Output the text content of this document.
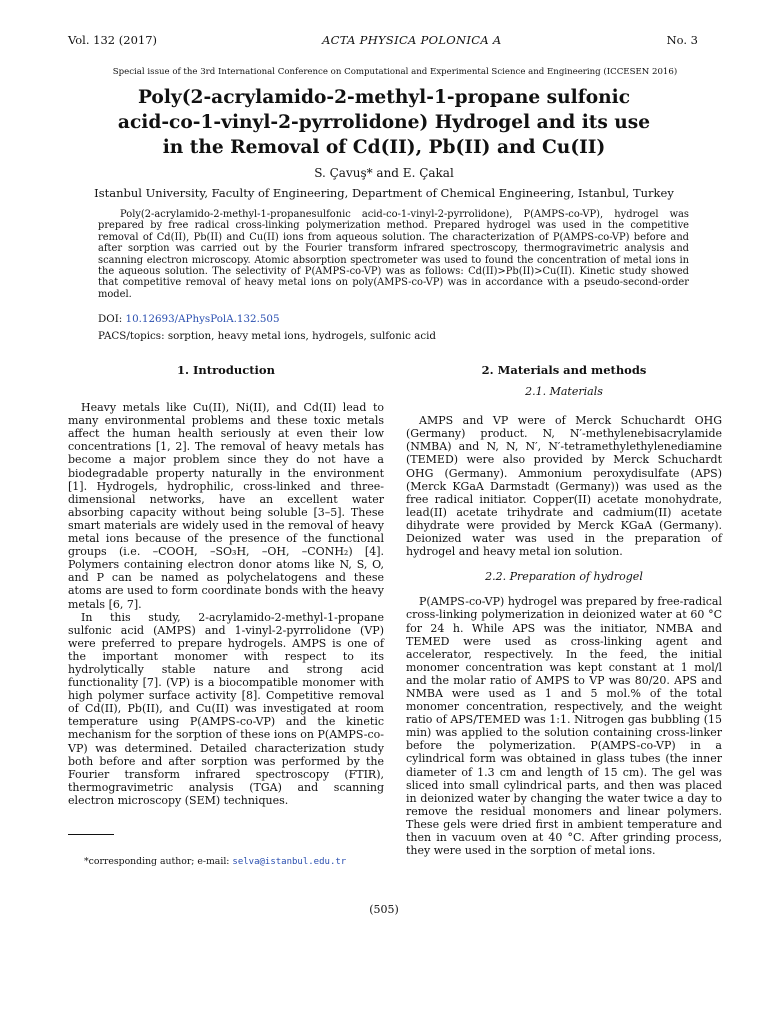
Vol. 132 (2017)	ACTA PHYSICA POLONICA A	No. 3
Special issue of the 3rd International Conference on Computational and Experimental Science and Engineering (ICCESEN 2016)
Poly(2-acrylamido-2-methyl-1-propane sulfonic
acid-co-1-vinyl-2-pyrrolidone) Hydrogel and its use
in the Removal of Cd(II), Pb(II) and Cu(II)
S. Çavuş* and E. Çakal
Istanbul University, Faculty of Engineering, Department of Chemical Engineering, Istanbul, Turkey
Poly(2-acrylamido-2-methyl-1-propanesulfonic acid-co-1-vinyl-2-pyrrolidone), P(AMPS-co-VP), hydrogel was prepared by free radical cross-linking polymerization method. Prepared hydrogel was used in the competitive removal of Cd(II), Pb(II) and Cu(II) ions from aqueous solution. The characterization of P(AMPS-co-VP) before and after sorption was carried out by the Fourier transform infrared spectroscopy, thermogravimetric analysis and scanning electron microscopy. Atomic absorption spectrometer was used to found the concentration of metal ions in the aqueous solution. The selectivity of P(AMPS-co-VP) was as follows: Cd(II)>Pb(II)>Cu(II). Kinetic study showed that competitive removal of heavy metal ions on poly(AMPS-co-VP) was in accordance with a pseudo-second-order model.
DOI: 10.12693/APhysPolA.132.505
PACS/topics: sorption, heavy metal ions, hydrogels, sulfonic acid
1. Introduction

Heavy metals like Cu(II), Ni(II), and Cd(II) lead to many environmental problems and these toxic metals affect the human health seriously at even their low concentrations [1, 2]. The removal of heavy metals has become a major problem since they do not have a biodegradable property naturally in the environment [1]. Hydrogels, hydrophilic, cross-linked and three-dimensional networks, have an excellent water absorbing capacity without being soluble [3–5]. These smart materials are widely used in the removal of heavy metal ions because of the presence of the functional groups (i.e. –COOH, –SO₃H, –OH, –CONH₂) [4]. Polymers containing electron donor atoms like N, S, O, and P can be named as polychelatogens and these atoms are used to form coordinate bonds with the heavy metals [6, 7].

In this study, 2-acrylamido-2-methyl-1-propane sulfonic acid (AMPS) and 1-vinyl-2-pyrrolidone (VP) were preferred to prepare hydrogels. AMPS is one of the important monomer with respect to its hydrolytically stable nature and strong acid functionality [7]. (VP) is a biocompatible monomer with high polymer surface activity [8]. Competitive removal of Cd(II), Pb(II), and Cu(II) was investigated at room temperature using P(AMPS-co-VP) and the kinetic mechanism for the sorption of these ions on P(AMPS-co-VP) was determined. Detailed characterization study both before and after sorption was performed by the Fourier transform infrared spectroscopy (FTIR), thermogravimetric analysis (TGA) and scanning electron microscopy (SEM) techniques.

2. Materials and methods
2.1. Materials

AMPS and VP were of Merck Schuchardt OHG (Germany) product. N, N′-methylenebisacrylamide (NMBA) and N, N, N′, N′-tetramethylethylenediamine (TEMED) were also provided by Merck Schuchardt OHG (Germany). Ammonium peroxydisulfate (APS) (Merck KGaA Darmstadt (Germany)) was used as the free radical initiator. Copper(II) acetate monohydrate, lead(II) acetate trihydrate and cadmium(II) acetate dihydrate were provided by Merck KGaA (Germany). Deionized water was used in the preparation of hydrogel and heavy metal ion solution.

2.2. Preparation of hydrogel

P(AMPS-co-VP) hydrogel was prepared by free-radical cross-linking polymerization in deionized water at 60 °C for 24 h. While APS was the initiator, NMBA and TEMED were used as cross-linking agent and accelerator, respectively. In the feed, the initial monomer concentration was kept constant at 1 mol/l and the molar ratio of AMPS to VP was 80/20. APS and NMBA were used as 1 and 5 mol.% of the total monomer concentration, respectively, and the weight ratio of APS/TEMED was 1:1. Nitrogen gas bubbling (15 min) was applied to the solution containing cross-linker before the polymerization. P(AMPS-co-VP) in a cylindrical form was obtained in glass tubes (the inner diameter of 1.3 cm and length of 15 cm). The gel was sliced into small cylindrical parts, and then was placed in deionized water by changing the water twice a day to remove the residual monomers and linear polymers. These gels were dried first in ambient temperature and then in vacuum oven at 40 °C. After grinding process, they were used in the sorption of metal ions.

*corresponding author; e-mail: selva@istanbul.edu.tr
(505)
